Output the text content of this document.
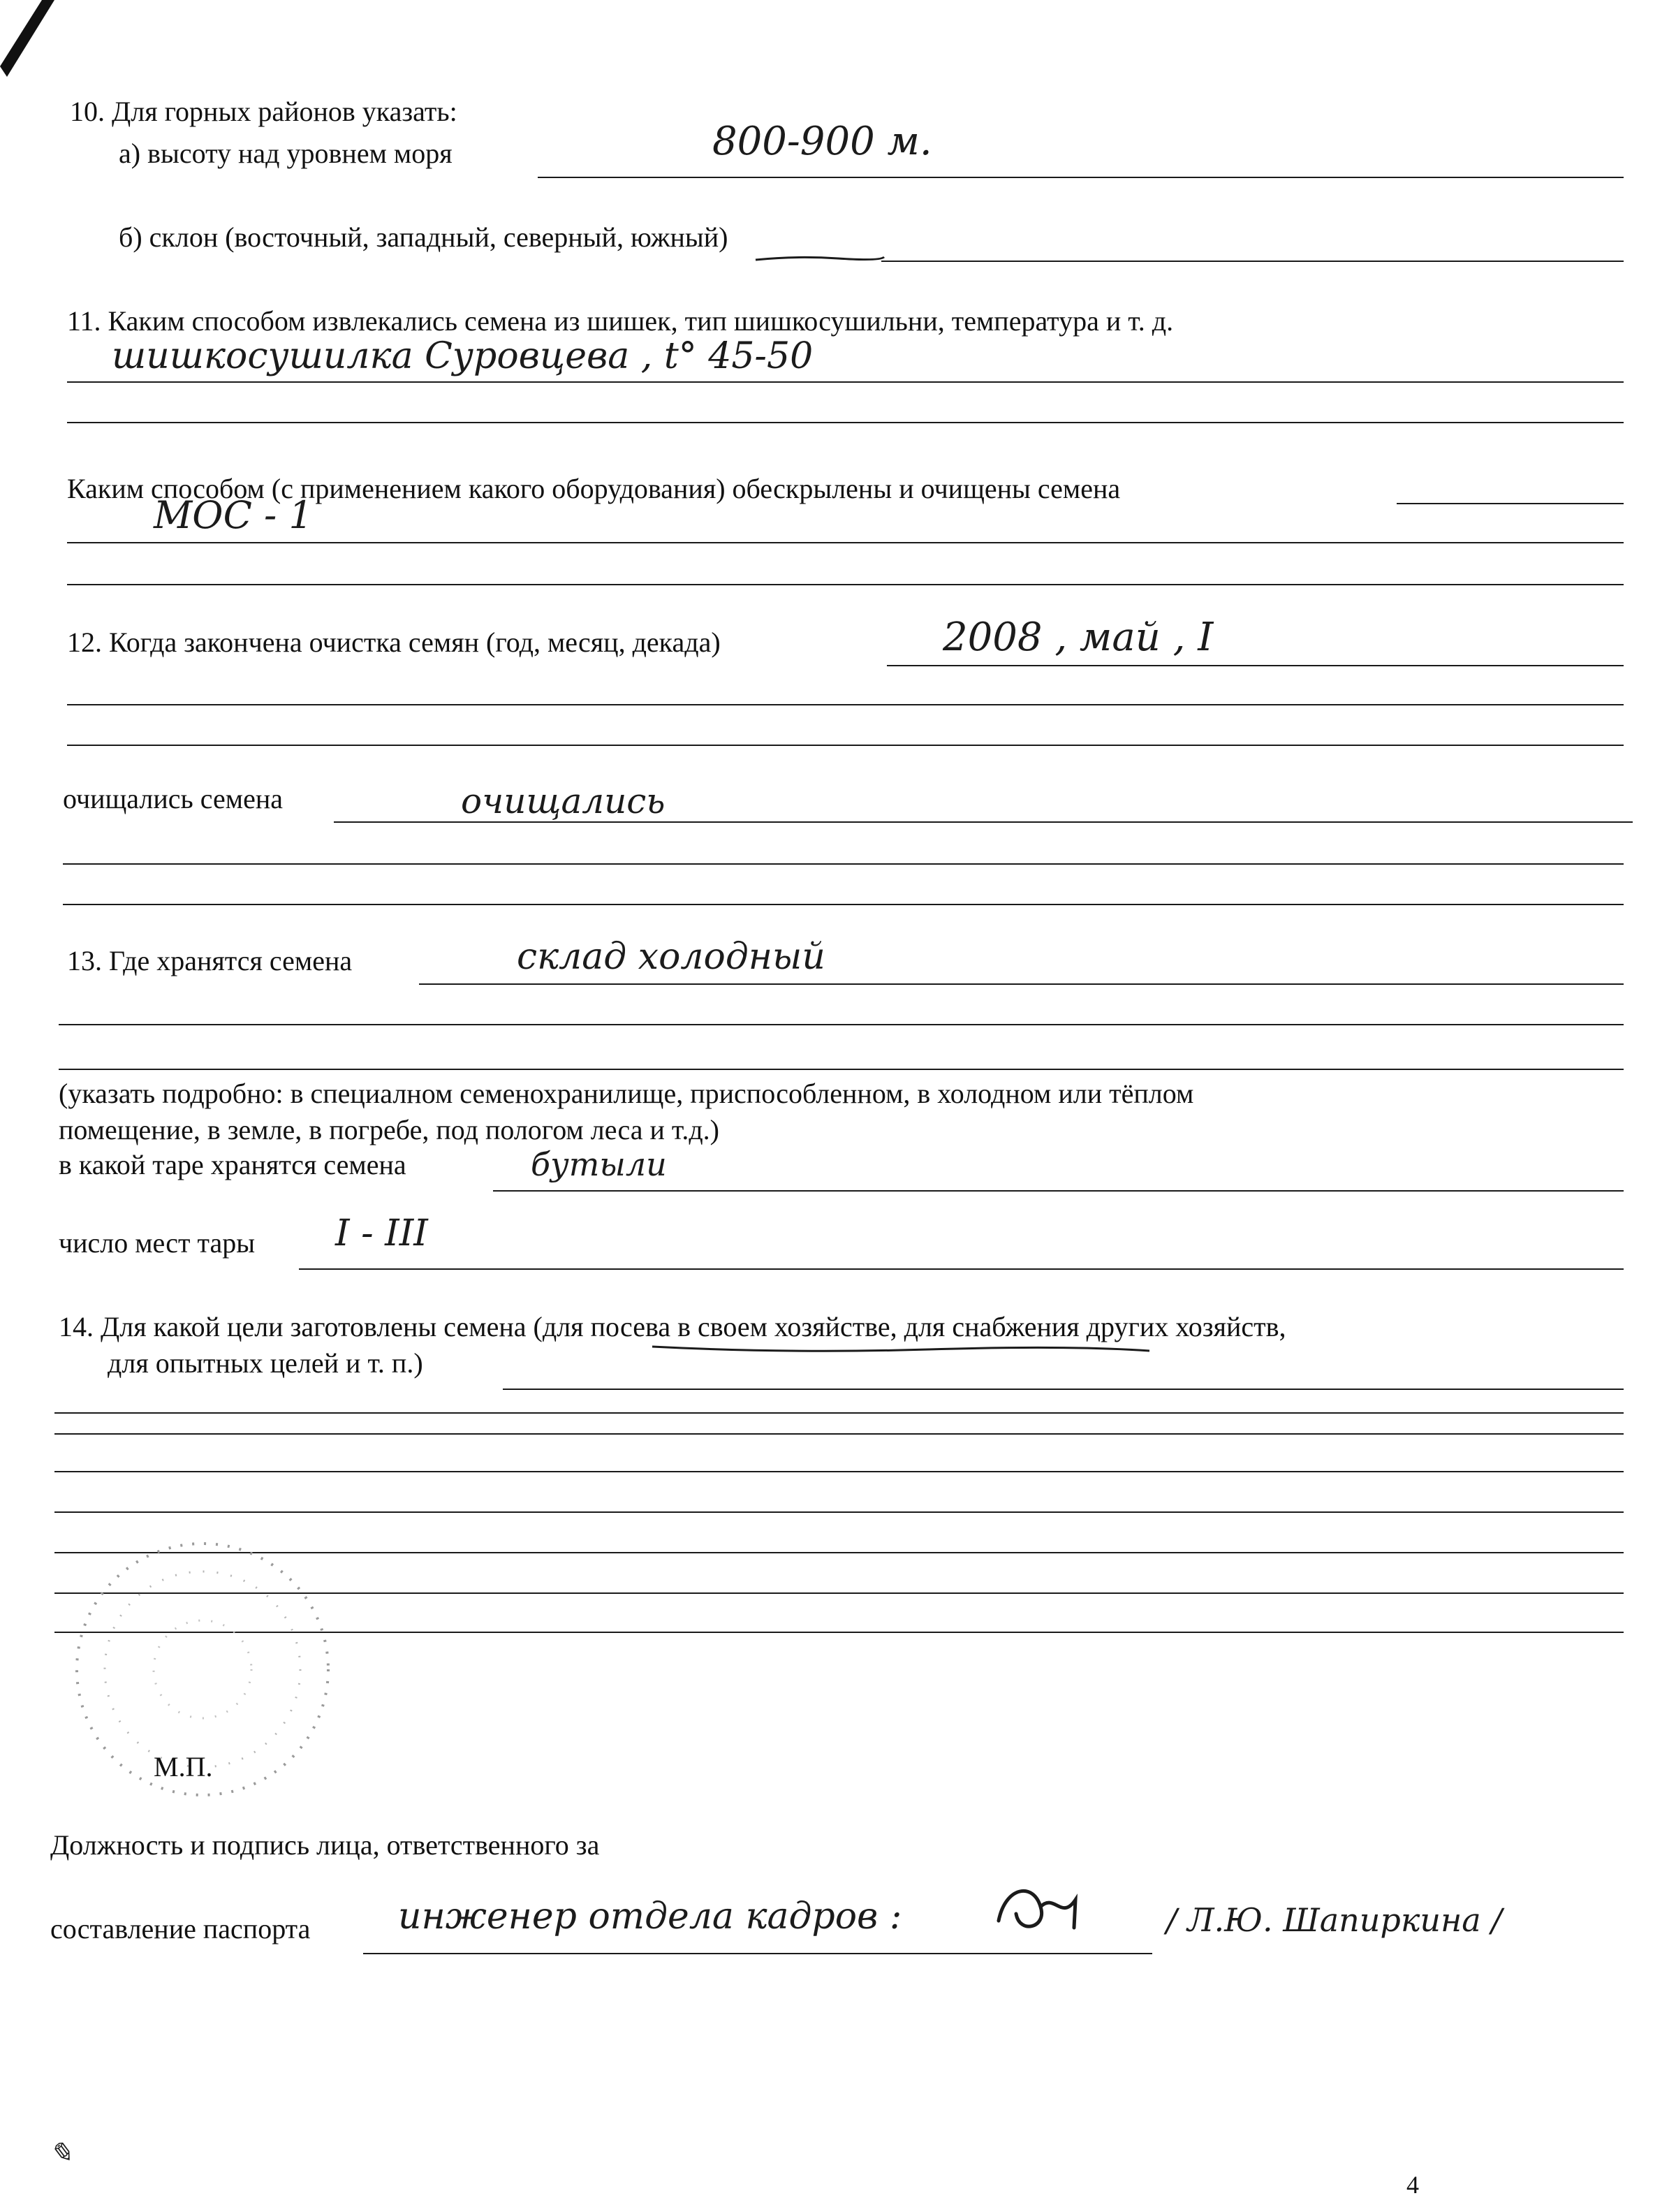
10. Для горных районов указать:
а) высоту над уровнем моря	800-900 м.
б) склон (восточный, западный, северный, южный)
11. Каким способом извлекались семена из шишек, тип шишкосушильни, температура и т. д.
шишкосушилка Суровцева , t° 45-50
Каким способом (с применением какого оборудования) обескрылены и очищены семена
МОС - 1
12. Когда закончена очистка семян (год, месяц, декада)	2008 , май , I
очищались семена	очищались
13. Где хранятся семена	склад холодный
(указать подробно: в специалном семенохранилище, приспособленном, в холодном или тёплом
помещение, в земле, в погребе, под пологом леса и т.д.)
в какой таре хранятся семена	бутыли
число мест тары I - III
14. Для какой цели заготовлены семена (для посева в своем хозяйстве, для снабжения других хозяйств,
для опытных целей и т. п.)
М.П.
Должность и подпись лица, ответственного за
составление паспорта инженер отдела кадров :	/ Л.Ю. Шапиркина /
✎
4
